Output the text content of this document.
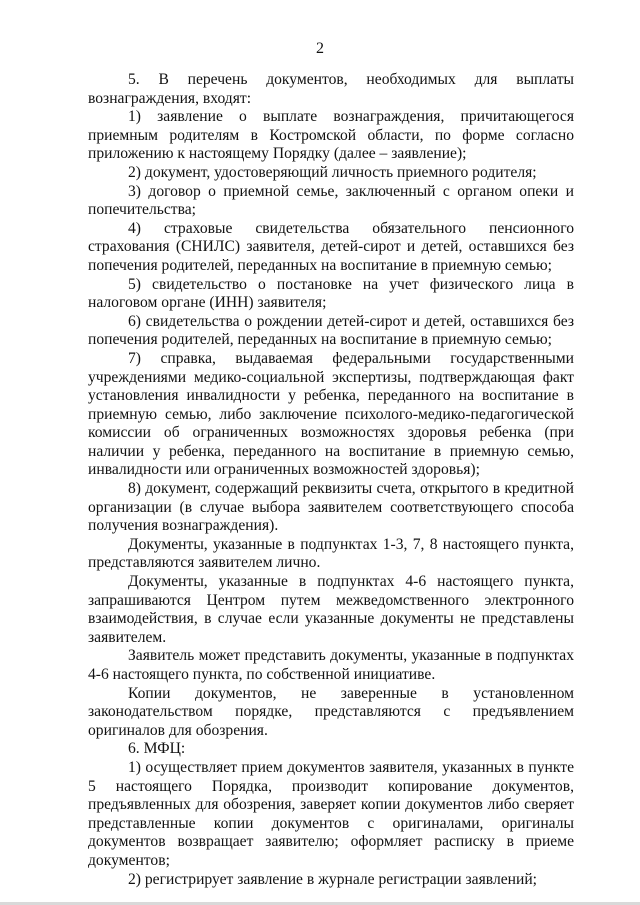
2

5. В перечень документов, необходимых для выплаты вознаграждения, входят:

1) заявление о выплате вознаграждения, причитающегося приемным родителям в Костромской области, по форме согласно приложению к настоящему Порядку (далее – заявление);

2) документ, удостоверяющий личность приемного родителя;

3) договор о приемной семье, заключенный с органом опеки и попечительства;

4) страховые свидетельства обязательного пенсионного страхования (СНИЛС) заявителя, детей-сирот и детей, оставшихся без попечения родителей, переданных на воспитание в приемную семью;

5) свидетельство о постановке на учет физического лица в налоговом органе (ИНН) заявителя;

6) свидетельства о рождении детей-сирот и детей, оставшихся без попечения родителей, переданных на воспитание в приемную семью;

7) справка, выдаваемая федеральными государственными учреждениями медико-социальной экспертизы, подтверждающая факт установления инвалидности у ребенка, переданного на воспитание в приемную семью, либо заключение психолого-медико-педагогической комиссии об ограниченных возможностях здоровья ребенка (при наличии у ребенка, переданного на воспитание в приемную семью, инвалидности или ограниченных возможностей здоровья);

8) документ, содержащий реквизиты счета, открытого в кредитной организации (в случае выбора заявителем соответствующего способа получения вознаграждения).

Документы, указанные в подпунктах 1-3, 7, 8 настоящего пункта, представляются заявителем лично.

Документы, указанные в подпунктах 4-6 настоящего пункта, запрашиваются Центром путем межведомственного электронного взаимодействия, в случае если указанные документы не представлены заявителем.

Заявитель может представить документы, указанные в подпунктах 4-6 настоящего пункта, по собственной инициативе.

Копии документов, не заверенные в установленном законодательством порядке, представляются с предъявлением оригиналов для обозрения.

6. МФЦ:

1) осуществляет прием документов заявителя, указанных в пункте 5 настоящего Порядка, производит копирование документов, предъявленных для обозрения, заверяет копии документов либо сверяет представленные копии документов с оригиналами, оригиналы документов возвращает заявителю; оформляет расписку в приеме документов;

2) регистрирует заявление в журнале регистрации заявлений;
